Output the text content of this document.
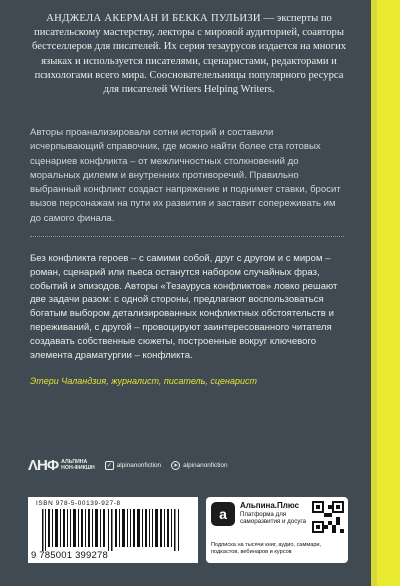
АНДЖЕЛА АКЕРМАН И БЕККА ПУЛЬИЗИ — эксперты по писательскому мастерству, лекторы с мировой аудиторией, соавторы бестселлеров для писателей. Их серия тезаурусов издается на многих языках и используется писателями, сценаристами, редакторами и психологами всего мира. Сооснователельницы популярного ресурса для писателей Writers Helping Writers.

Авторы проанализировали сотни историй и составили исчерпывающий справочник, где можно найти более ста готовых сценариев конфликта – от межличностных столкновений до моральных дилемм и внутренних противоречий. Правильно выбранный конфликт создаст напряжение и поднимет ставки, бросит вызов персонажам на пути их развития и заставит сопереживать им до самого финала.

Без конфликта героев – с самими собой, друг с другом и с миром – роман, сценарий или пьеса останутся набором случайных фраз, событий и эпизодов. Авторы «Тезауруса конфликтов» ловко решают две задачи разом: с одной стороны, предлагают воспользоваться богатым выбором детализированных конфликтных обстоятельств и переживаний, с другой – провоцируют заинтересованного читателя создавать собственные сюжеты, построенные вокруг ключевого элемента драматургии – конфликта.

Этери Чаландзия, журналист, писатель, сценарист

ΛΗΦ АЛЬПИНА
НОН-ФИКШН	✓ alpinanonfiction	➤ alpinanonfiction
ISBN 978-5-00139-927-8
9 785001 399278
a
Альпина.Плюс
Платформа для саморазвития и досуга
Подписка на тысячи книг, аудио, саммари, подкастов, вебинаров и курсов
